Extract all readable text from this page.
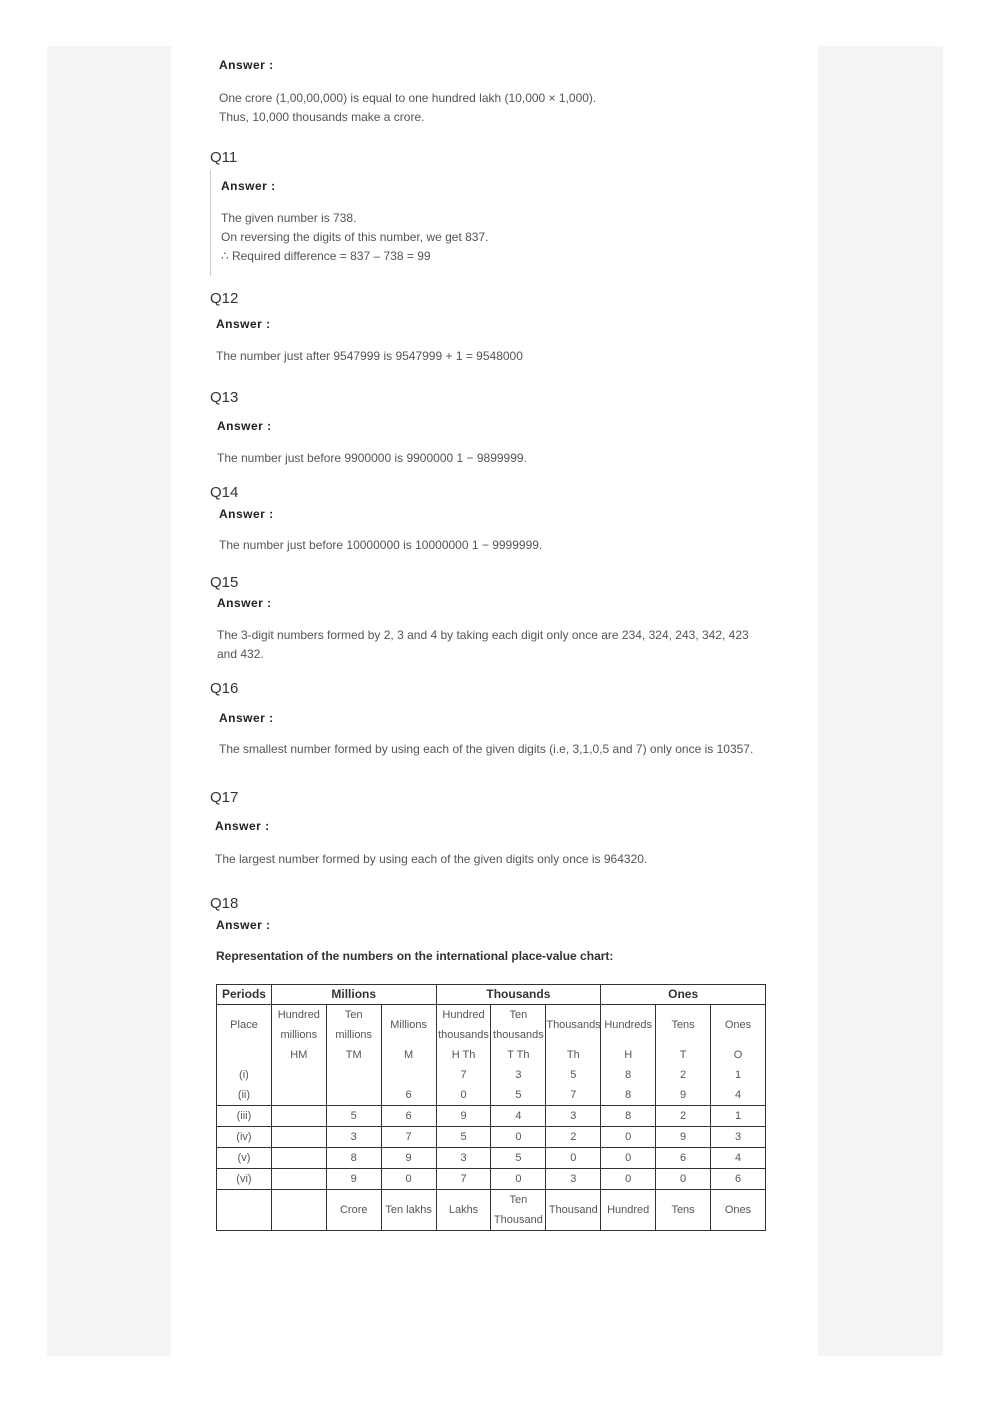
Answer :
One crore (1,00,00,000) is equal to one hundred lakh (10,000 × 1,000).
Thus, 10,000 thousands make a crore.
Q11
Answer :
The given number is 738.
On reversing the digits of this number, we get 837.
∴ Required difference = 837 – 738 = 99
Q12
Answer :
The number just after 9547999 is 9547999 + 1 = 9548000
Q13
Answer :
The number just before 9900000 is 9900000 1 − 9899999.
Q14
Answer :
The number just before 10000000 is 10000000 1 − 9999999.
Q15
Answer :
The 3-digit numbers formed by 2, 3 and 4 by taking each digit only once are 234, 324, 243, 342, 423
and 432.
Q16
Answer :
The smallest number formed by using each of the given digits (i.e, 3,1,0,5 and 7) only once is 10357.
Q17
Answer :
The largest number formed by using each of the given digits only once is 964320.
Q18
Answer :
Representation of the numbers on the international place-value chart:
Periods	Millions			Thousands			Ones		
Place	Hundred millions	Ten millions	Millions	Hundred thousands	Ten thousands	Thousands	Hundreds	Tens	Ones
	HM	TM	M	H Th	T Th	Th	H	T	O
(i)				7	3	5	8	2	1
(ii)			6	0	5	7	8	9	4
(iii)		5	6	9	4	3	8	2	1
(iv)		3	7	5	0	2	0	9	3
(v)		8	9	3	5	0	0	6	4
(vi)		9	0	7	0	3	0	0	6
		Crore	Ten lakhs	Lakhs	Ten Thousand	Thousand	Hundred	Tens	Ones
